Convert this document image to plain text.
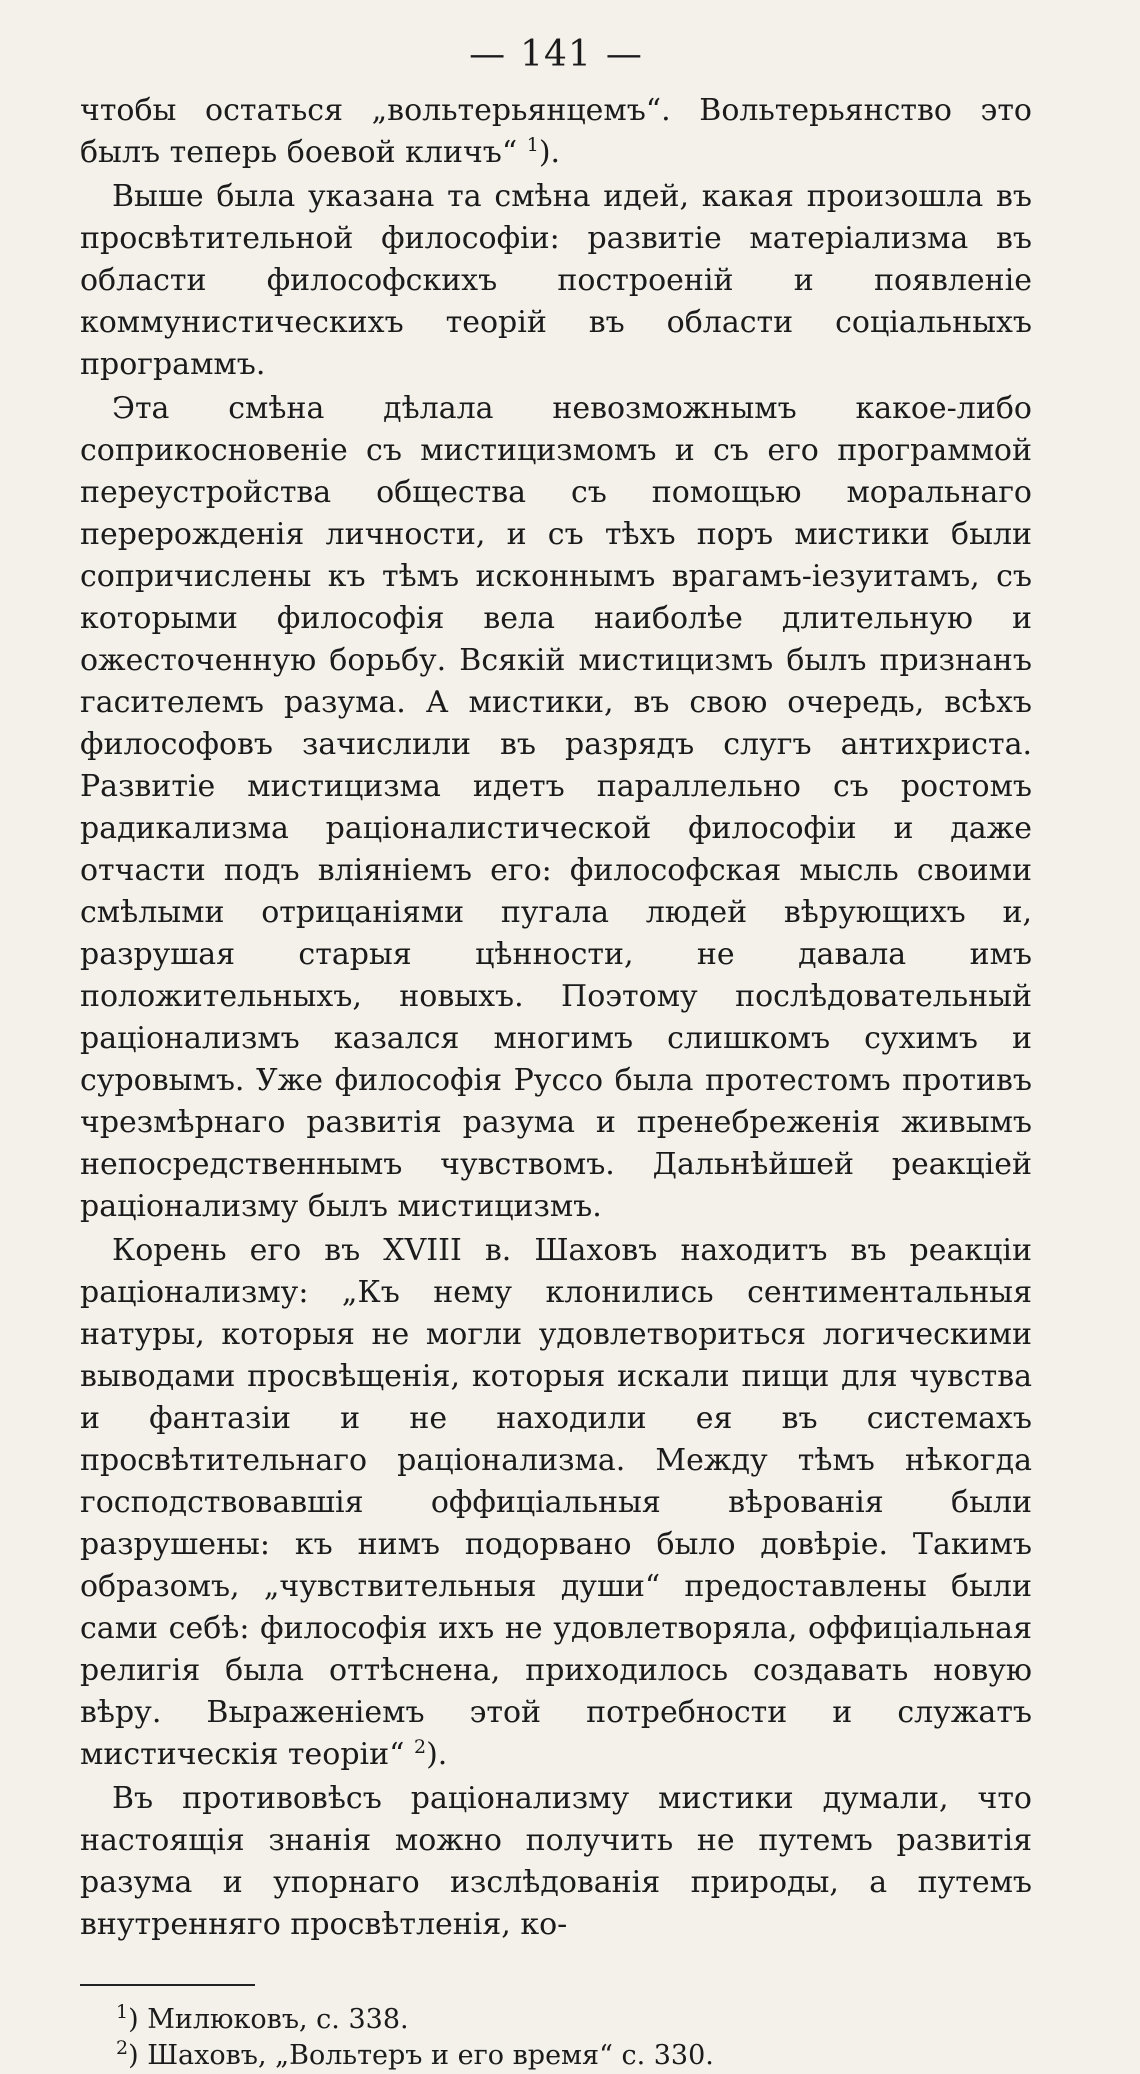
— 141 —

чтобы остаться „вольтерьянцемъ“. Вольтерьянство это былъ теперь боевой кличъ“ $^1$).

Выше была указана та смѣна идей, какая произошла въ просвѣтительной философіи: развитіе матеріализма въ области философскихъ построеній и появленіе коммунистическихъ теорій въ области соціальныхъ программъ.

Эта смѣна дѣлала невозможнымъ какое-либо соприкосновеніе съ мистицизмомъ и съ его программой переустройства общества съ помощью моральнаго перерожденія личности, и съ тѣхъ поръ мистики были сопричислены къ тѣмъ исконнымъ врагамъ-іезуитамъ, съ которыми философія вела наиболѣе длительную и ожесточенную борьбу. Всякій мистицизмъ былъ признанъ гасителемъ разума. А мистики, въ свою очередь, всѣхъ философовъ зачислили въ разрядъ слугъ антихриста. Развитіе мистицизма идетъ параллельно съ ростомъ радикализма раціоналистической философіи и даже отчасти подъ вліяніемъ его: философская мысль своими смѣлыми отрицаніями пугала людей вѣрующихъ и, разрушая старыя цѣнности, не давала имъ положительныхъ, новыхъ. Поэтому послѣдовательный раціонализмъ казался многимъ слишкомъ сухимъ и суровымъ. Уже философія Руссо была протестомъ противъ чрезмѣрнаго развитія разума и пренебреженія живымъ непосредственнымъ чувствомъ. Дальнѣйшей реакціей раціонализму былъ мистицизмъ.

Корень его въ XVIII в. Шаховъ находитъ въ реакціи раціонализму: „Къ нему клонились сентиментальныя натуры, которыя не могли удовлетвориться логическими выводами просвѣщенія, которыя искали пищи для чувства и фантазіи и не находили ея въ системахъ просвѣтительнаго раціонализма. Между тѣмъ нѣкогда господствовавшія оффиціальныя вѣрованія были разрушены: къ нимъ подорвано было довѣріе. Такимъ образомъ, „чувствительныя души“ предоставлены были сами себѣ: философія ихъ не удовлетворяла, оффиціальная религія была оттѣснена, приходилось создавать новую вѣру. Выраженіемъ этой потребности и служатъ мистическія теоріи“ $^2$).

Въ противовѣсъ раціонализму мистики думали, что настоящія знанія можно получить не путемъ развитія разума и упорнаго изслѣдованія природы, а путемъ внутренняго просвѣтленія, ко-

$^1$) Милюковъ, с. 338.

$^2$) Шаховъ, „Вольтеръ и его время“ с. 330.
